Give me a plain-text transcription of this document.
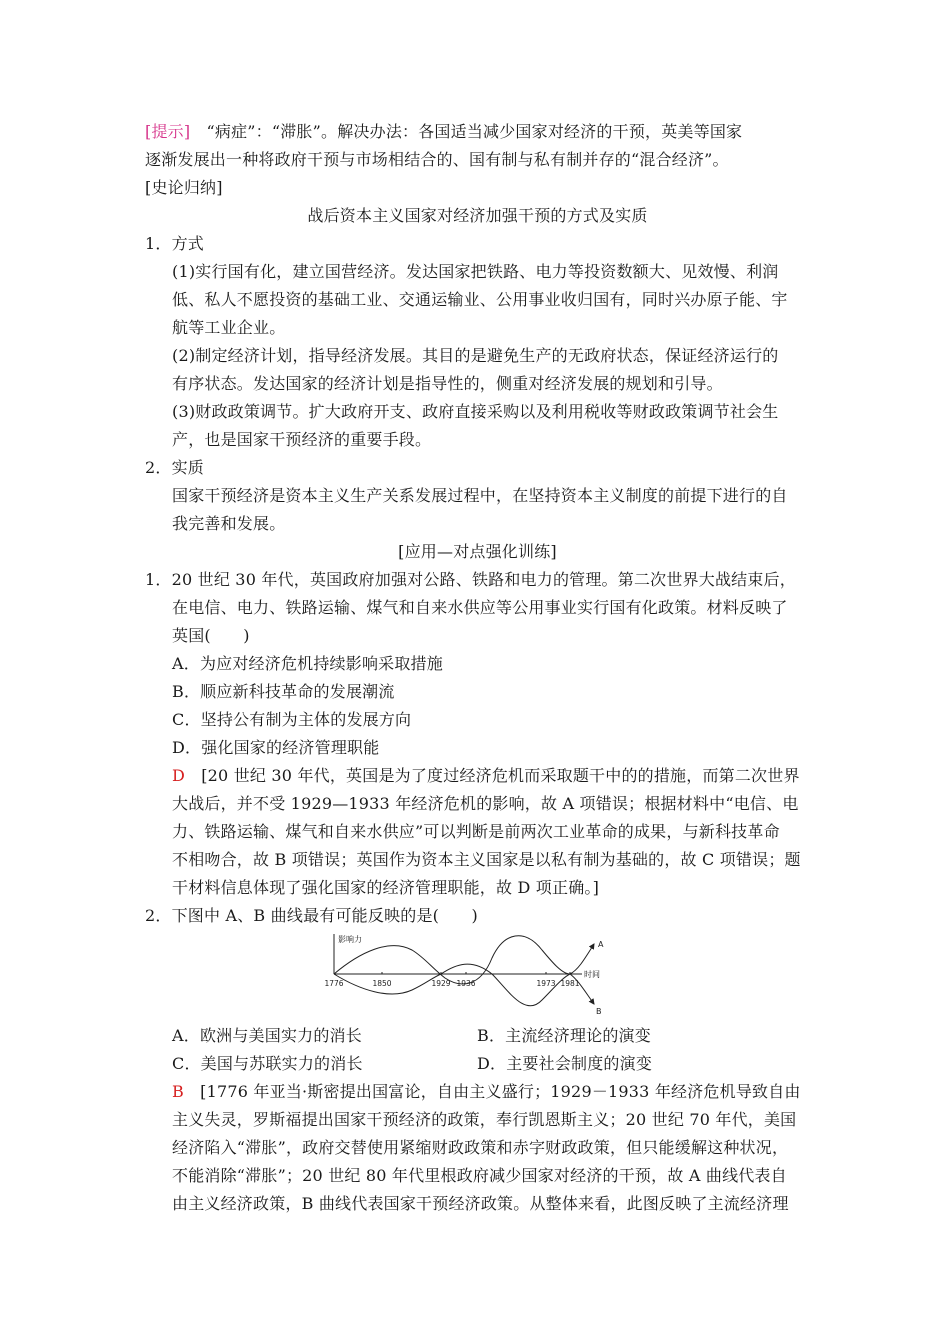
[提示]　“病症”：“滞胀”。解决办法：各国适当减少国家对经济的干预，英美等国家
逐渐发展出一种将政府干预与市场相结合的、国有制与私有制并存的“混合经济”。
[史论归纳]
战后资本主义国家对经济加强干预的方式及实质
1．方式
(1)实行国有化，建立国营经济。发达国家把铁路、电力等投资数额大、见效慢、利润
低、私人不愿投资的基础工业、交通运输业、公用事业收归国有，同时兴办原子能、宇
航等工业企业。
(2)制定经济计划，指导经济发展。其目的是避免生产的无政府状态，保证经济运行的
有序状态。发达国家的经济计划是指导性的，侧重对经济发展的规划和引导。
(3)财政政策调节。扩大政府开支、政府直接采购以及利用税收等财政政策调节社会生
产，也是国家干预经济的重要手段。
2．实质
国家干预经济是资本主义生产关系发展过程中，在坚持资本主义制度的前提下进行的自
我完善和发展。
[应用—对点强化训练]
1．20 世纪 30 年代，英国政府加强对公路、铁路和电力的管理。第二次世界大战结束后，
在电信、电力、铁路运输、煤气和自来水供应等公用事业实行国有化政策。材料反映了
英国(　　)
A．为应对经济危机持续影响采取措施
B．顺应新科技革命的发展潮流
C．坚持公有制为主体的发展方向
D．强化国家的经济管理职能
D　[20 世纪 30 年代，英国是为了度过经济危机而采取题干中的的措施，而第二次世界
大战后，并不受 1929—1933 年经济危机的影响，故 A 项错误；根据材料中“电信、电
力、铁路运输、煤气和自来水供应”可以判断是前两次工业革命的成果，与新科技革命
不相吻合，故 B 项错误；英国作为资本主义国家是以私有制为基础的，故 C 项错误；题
干材料信息体现了强化国家的经济管理职能，故 D 项正确。]
2．下图中 A、B 曲线最有可能反映的是(　　)
影响力
时间
1776	1850	1929 1936	1973 1981
A
B
A．欧洲与美国实力的消长	B．主流经济理论的演变
C．美国与苏联实力的消长	D．主要社会制度的演变
B　[1776 年亚当·斯密提出国富论，自由主义盛行；1929－1933 年经济危机导致自由
主义失灵，罗斯福提出国家干预经济的政策，奉行凯恩斯主义；20 世纪 70 年代，美国
经济陷入“滞胀”，政府交替使用紧缩财政政策和赤字财政政策，但只能缓解这种状况，
不能消除“滞胀”；20 世纪 80 年代里根政府减少国家对经济的干预，故 A 曲线代表自
由主义经济政策，B 曲线代表国家干预经济政策。从整体来看，此图反映了主流经济理
